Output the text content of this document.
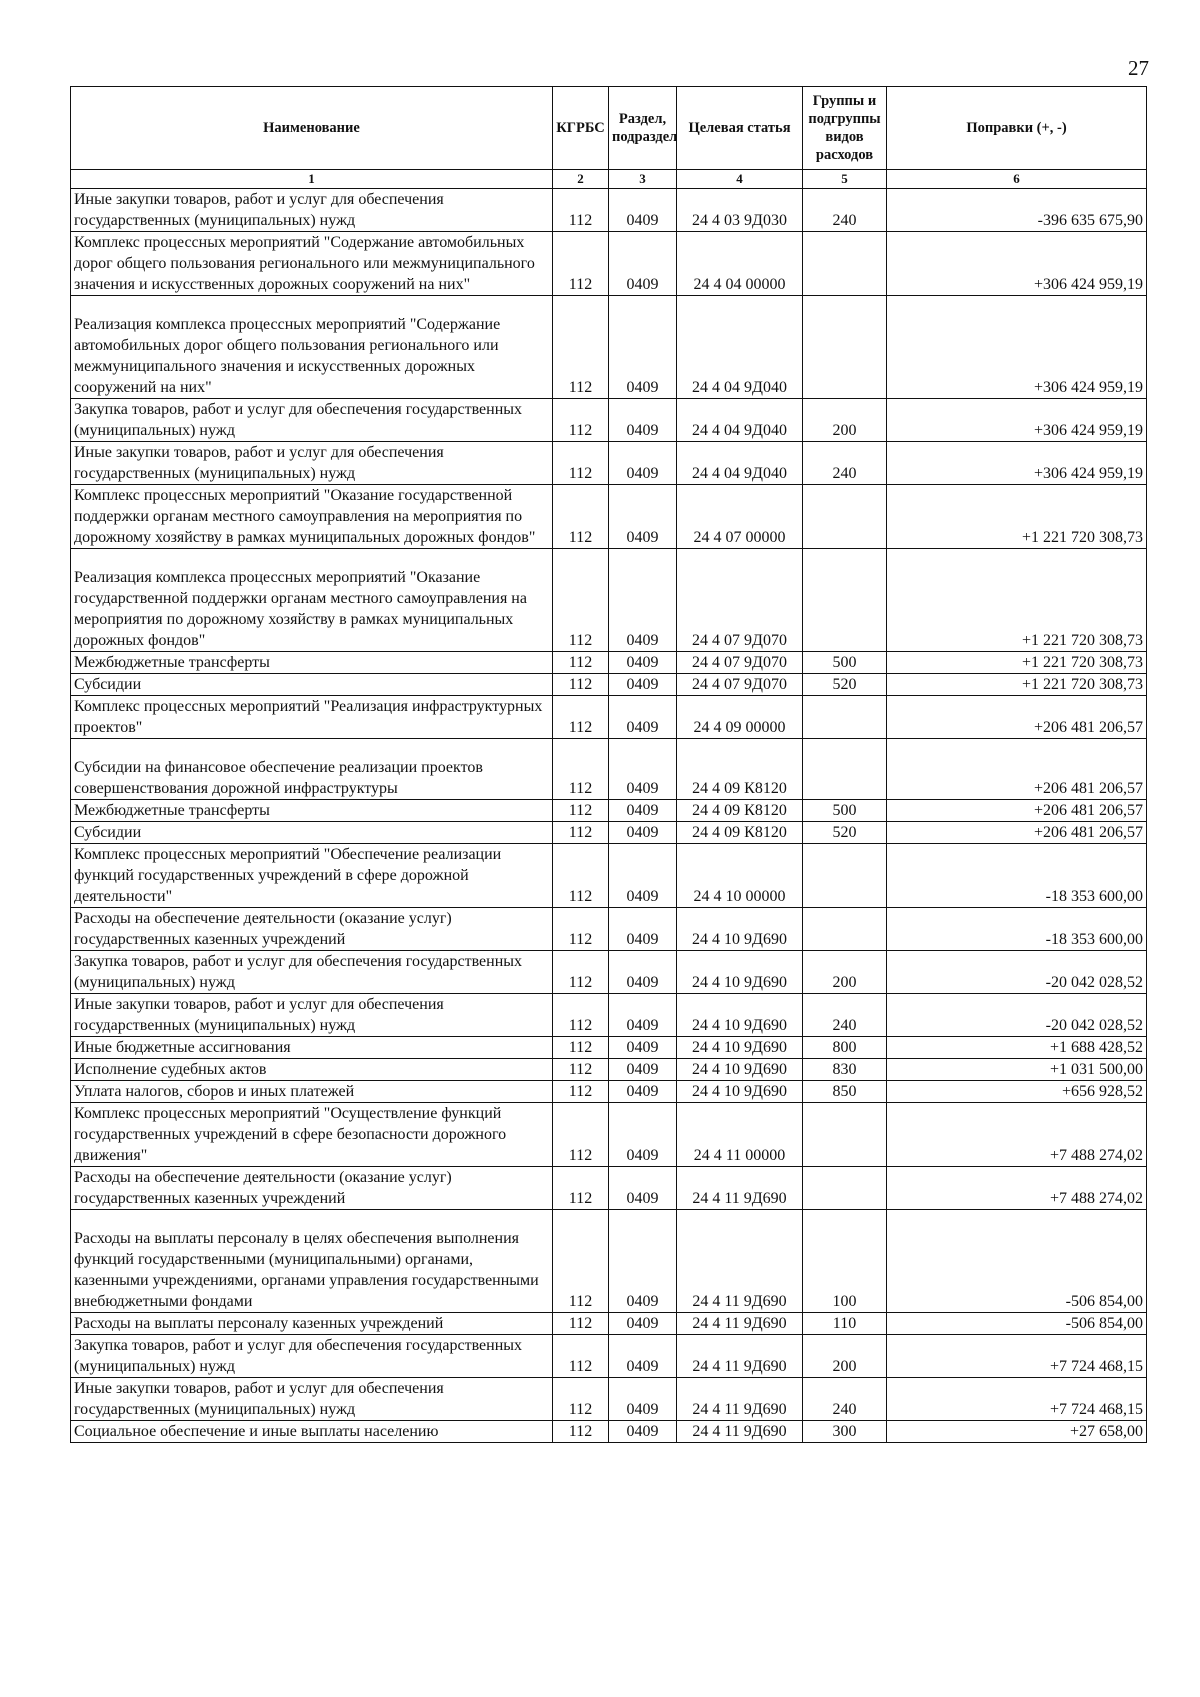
27
Наименование	КГРБС	Раздел, подраздел	Целевая статья	Группы и подгруппы видов расходов	Поправки (+, -)
1	2	3	4	5	6
Иные закупки товаров, работ и услуг для обеспечения государственных (муниципальных) нужд	112	0409	24 4 03 9Д030	240	-396 635 675,90
Комплекс процессных мероприятий "Содержание автомобильных дорог общего пользования регионального или межмуниципального значения и искусственных дорожных сооружений на них"	112	0409	24 4 04 00000		+306 424 959,19
Реализация комплекса процессных мероприятий "Содержание автомобильных дорог общего пользования регионального или межмуниципального значения и искусственных дорожных сооружений на них"	112	0409	24 4 04 9Д040		+306 424 959,19
Закупка товаров, работ и услуг для обеспечения государственных (муниципальных) нужд	112	0409	24 4 04 9Д040	200	+306 424 959,19
Иные закупки товаров, работ и услуг для обеспечения государственных (муниципальных) нужд	112	0409	24 4 04 9Д040	240	+306 424 959,19
Комплекс процессных мероприятий "Оказание государственной поддержки органам местного самоуправления на мероприятия по дорожному хозяйству в рамках муниципальных дорожных фондов"	112	0409	24 4 07 00000		+1 221 720 308,73
Реализация комплекса процессных мероприятий "Оказание государственной поддержки органам местного самоуправления на мероприятия по дорожному хозяйству в рамках муниципальных дорожных фондов"	112	0409	24 4 07 9Д070		+1 221 720 308,73
Межбюджетные трансферты	112	0409	24 4 07 9Д070	500	+1 221 720 308,73
Субсидии	112	0409	24 4 07 9Д070	520	+1 221 720 308,73
Комплекс процессных мероприятий "Реализация инфраструктурных проектов"	112	0409	24 4 09 00000		+206 481 206,57
Субсидии на финансовое обеспечение реализации проектов совершенствования дорожной инфраструктуры	112	0409	24 4 09 К8120		+206 481 206,57
Межбюджетные трансферты	112	0409	24 4 09 К8120	500	+206 481 206,57
Субсидии	112	0409	24 4 09 К8120	520	+206 481 206,57
Комплекс процессных мероприятий "Обеспечение реализации функций государственных учреждений в сфере дорожной деятельности"	112	0409	24 4 10 00000		-18 353 600,00
Расходы на обеспечение деятельности (оказание услуг) государственных казенных учреждений	112	0409	24 4 10 9Д690		-18 353 600,00
Закупка товаров, работ и услуг для обеспечения государственных (муниципальных) нужд	112	0409	24 4 10 9Д690	200	-20 042 028,52
Иные закупки товаров, работ и услуг для обеспечения государственных (муниципальных) нужд	112	0409	24 4 10 9Д690	240	-20 042 028,52
Иные бюджетные ассигнования	112	0409	24 4 10 9Д690	800	+1 688 428,52
Исполнение судебных актов	112	0409	24 4 10 9Д690	830	+1 031 500,00
Уплата налогов, сборов и иных платежей	112	0409	24 4 10 9Д690	850	+656 928,52
Комплекс процессных мероприятий "Осуществление функций государственных учреждений в сфере безопасности дорожного движения"	112	0409	24 4 11 00000		+7 488 274,02
Расходы на обеспечение деятельности (оказание услуг) государственных казенных учреждений	112	0409	24 4 11 9Д690		+7 488 274,02
Расходы на выплаты персоналу в целях обеспечения выполнения функций государственными (муниципальными) органами, казенными учреждениями, органами управления государственными внебюджетными фондами	112	0409	24 4 11 9Д690	100	-506 854,00
Расходы на выплаты персоналу казенных учреждений	112	0409	24 4 11 9Д690	110	-506 854,00
Закупка товаров, работ и услуг для обеспечения государственных (муниципальных) нужд	112	0409	24 4 11 9Д690	200	+7 724 468,15
Иные закупки товаров, работ и услуг для обеспечения государственных (муниципальных) нужд	112	0409	24 4 11 9Д690	240	+7 724 468,15
Социальное обеспечение и иные выплаты населению	112	0409	24 4 11 9Д690	300	+27 658,00
